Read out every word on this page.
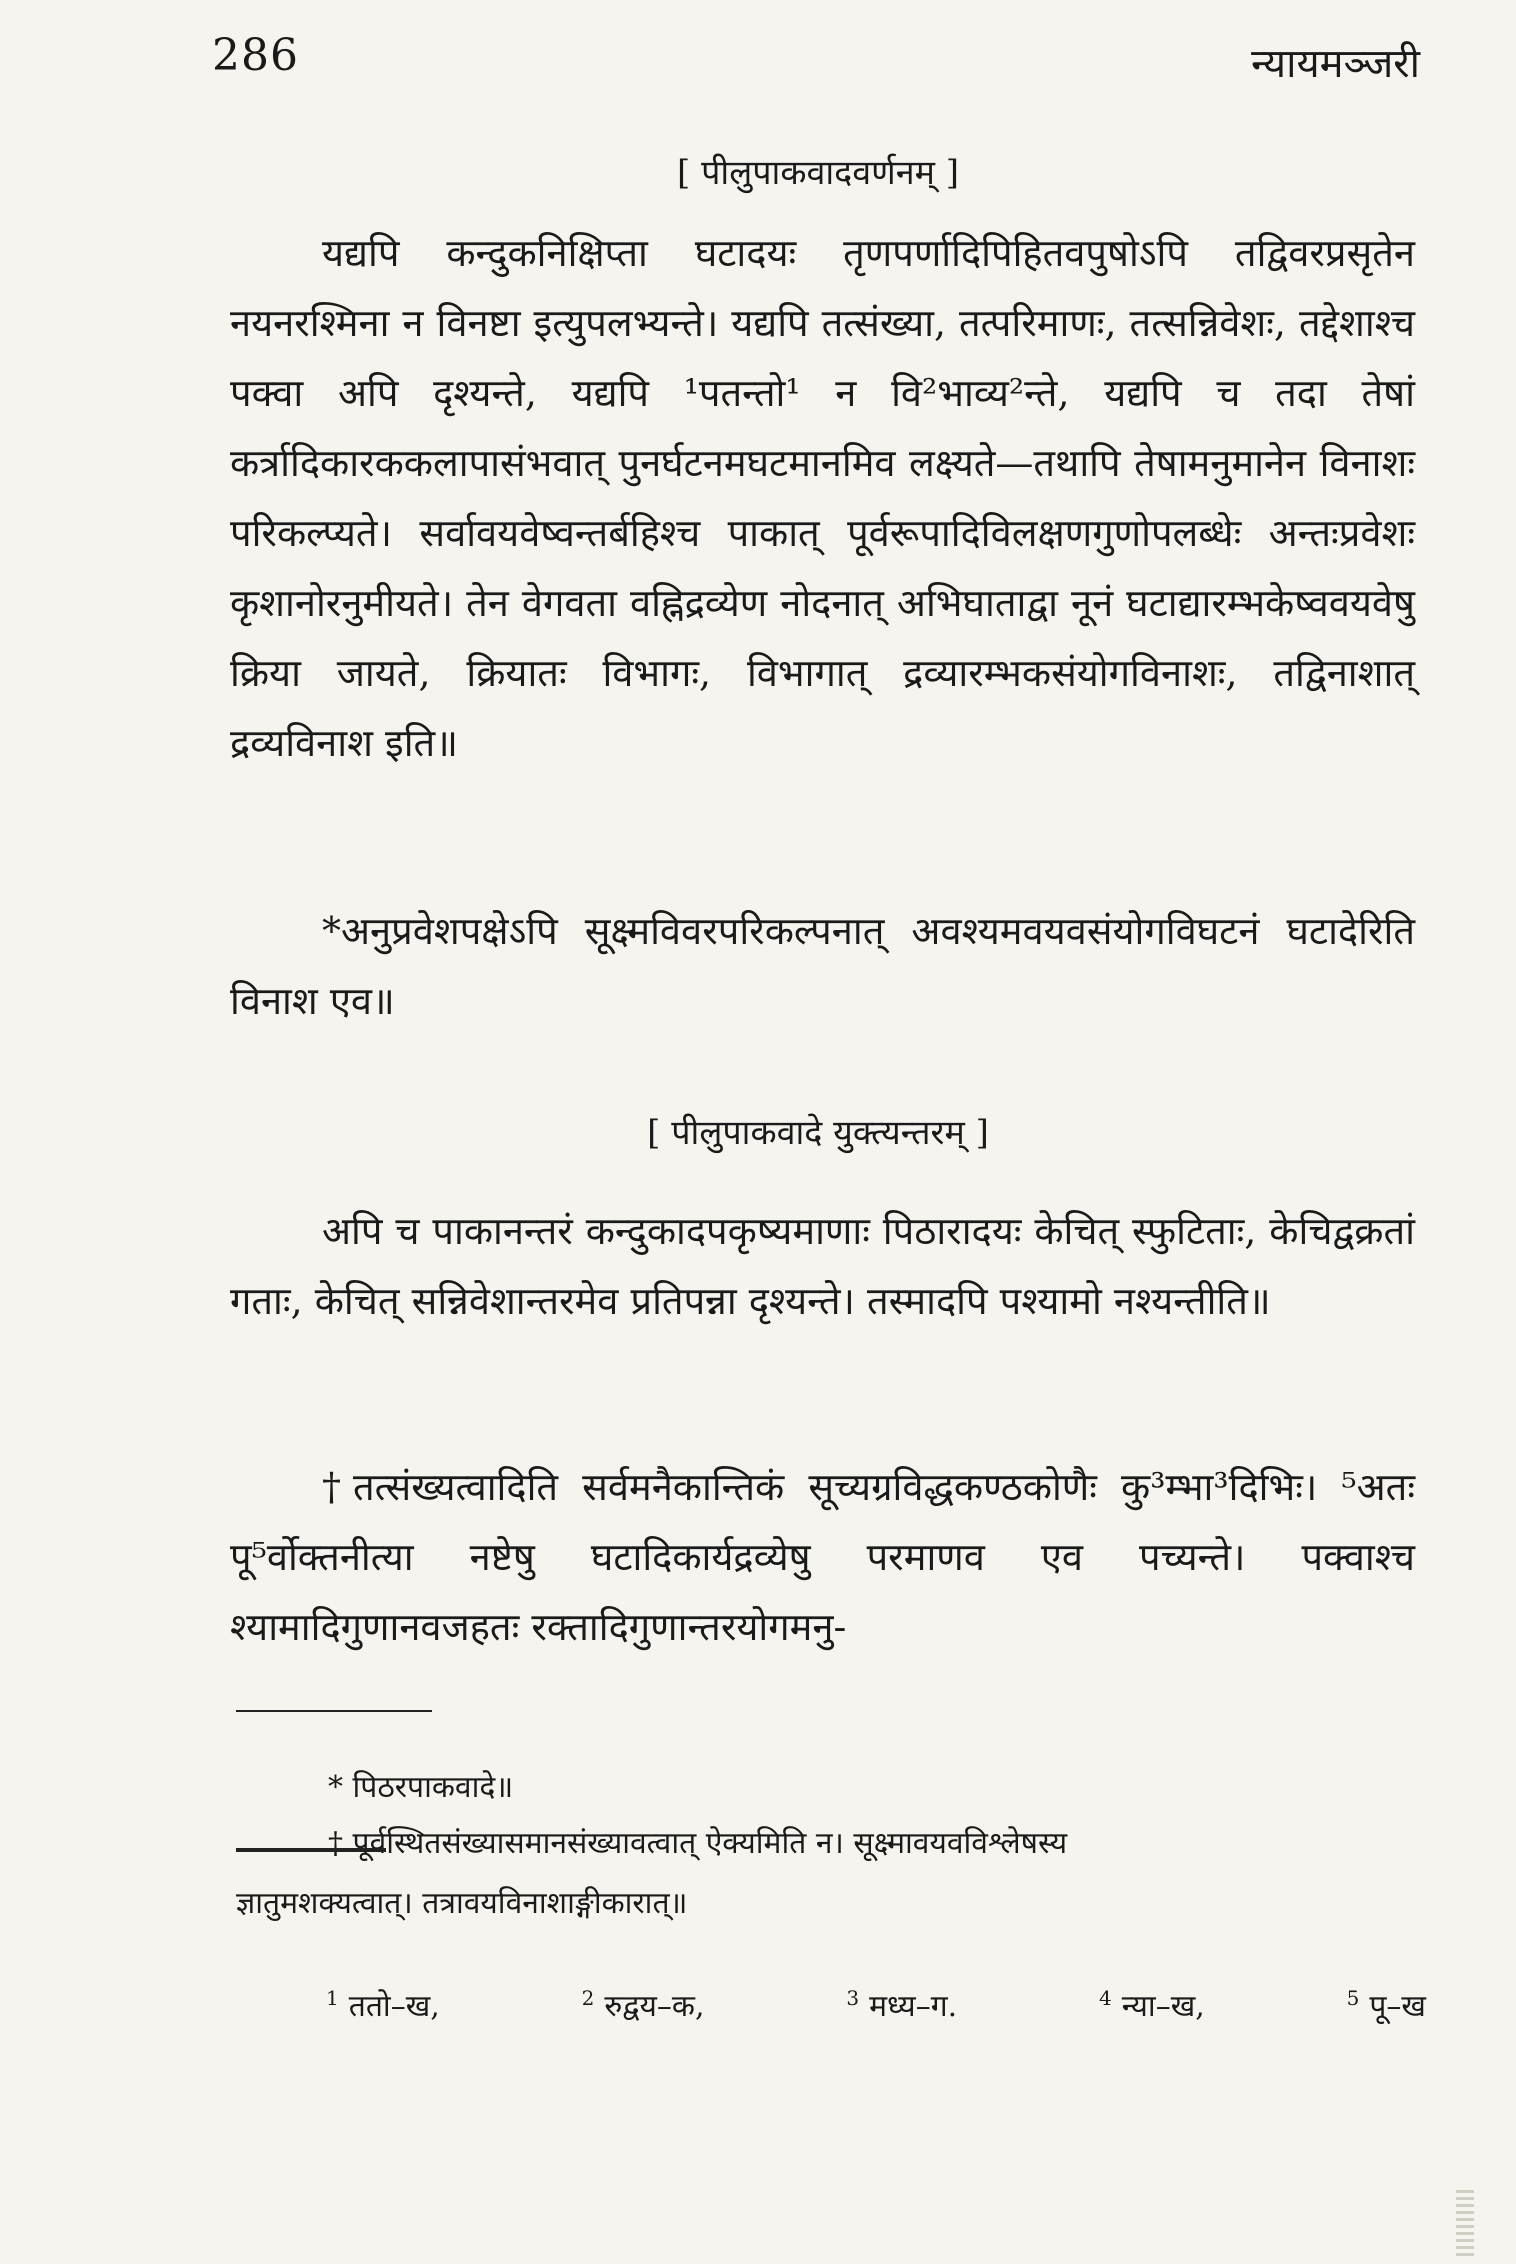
286	न्यायमञ्जरी
[ पीलुपाकवादवर्णनम् ]

यद्यपि कन्दुकनिक्षिप्ता घटादयः तृणपर्णादिपिहितवपुषोऽपि तद्विवरप्रसृतेन नयनरश्मिना न विनष्टा इत्युपलभ्यन्ते। यद्यपि तत्संख्या, तत्परिमाणः, तत्सन्निवेशः, तद्देशाश्च पक्वा अपि दृश्यन्ते, यद्यपि ¹पतन्तो¹ न वि²भाव्य²न्ते, यद्यपि च तदा तेषां कर्त्रादिकारककलापासंभवात् पुनर्घटनमघटमानमिव लक्ष्यते—तथापि तेषामनुमानेन विनाशः परिकल्प्यते। सर्वावयवेष्वन्तर्बहिश्च पाकात् पूर्वरूपादिविलक्षणगुणोपलब्धेः अन्तःप्रवेशः कृशानोरनुमीयते। तेन वेगवता वह्निद्रव्येण नोदनात् अभिघाताद्वा नूनं घटाद्यारम्भकेष्ववयवेषु क्रिया जायते, क्रियातः विभागः, विभागात् द्रव्यारम्भकसंयोगविनाशः, तद्विनाशात् द्रव्यविनाश इति॥

*अनुप्रवेशपक्षेऽपि सूक्ष्मविवरपरिकल्पनात् अवश्यमवयवसंयोगविघटनं घटादेरिति विनाश एव॥

[ पीलुपाकवादे युक्त्यन्तरम् ]

अपि च पाकानन्तरं कन्दुकादपकृष्यमाणाः पिठारादयः केचित् स्फुटिताः, केचिद्वक्रतां गताः, केचित् सन्निवेशान्तरमेव प्रतिपन्ना दृश्यन्ते। तस्मादपि पश्यामो नश्यन्तीति॥

†तत्संख्यत्वादिति सर्वमनैकान्तिकं सूच्यग्रविद्धकण्ठकोणैः कु³म्भा³दिभिः। ⁵अतः पू⁵र्वोक्तनीत्या नष्टेषु घटादिकार्यद्रव्येषु परमाणव एव पच्यन्ते। पक्वाश्च श्यामादिगुणानवजहतः रक्तादिगुणान्तरयोगमनु-

* पिठरपाकवादे॥

† पूर्वस्थितसंख्यासमानसंख्यावत्वात् ऐक्यमिति न। सूक्ष्मावयवविश्लेषस्य

ज्ञातुमशक्यत्वात्। तत्रावयविनाशाङ्गीकारात्॥

$^1$ ततो–ख,	$^2$ रुद्वय–क,	$^3$ मध्य–ग.	$^4$ न्या–ख,	$^5$ पू–ख
